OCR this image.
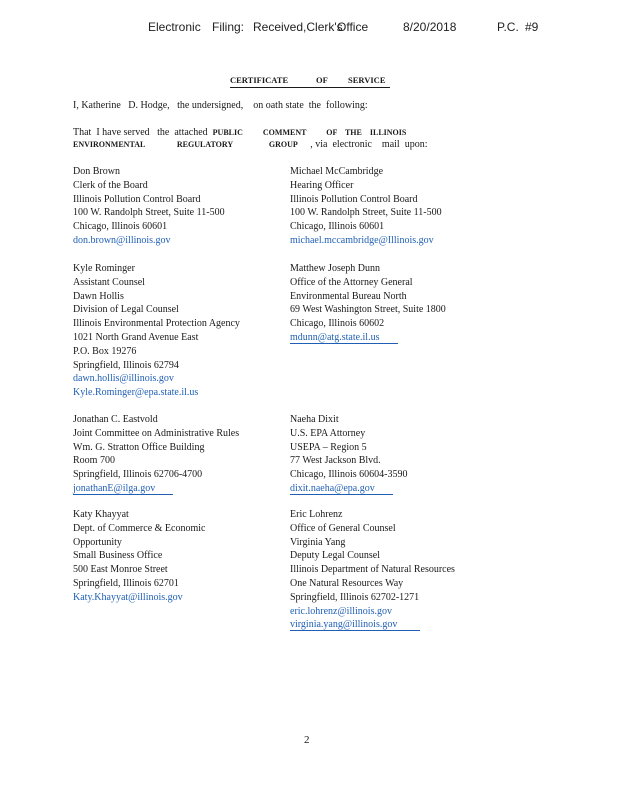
Electronic Filing: Received,Clerk's
Office	8/20/2018	P.C. #9
CERTIFICATE	OF SERVICE
I, Katherine   D. Hodge,   the undersigned,    on oath state  the  following:
That  I have served   the  attached PUBLIC          COMMENT          OF    THE    ILLINOIS
ENVIRONMENTAL                REGULATORY                  GROUP , via  electronic    mail  upon:
Don Brown
Clerk of the Board
Illinois Pollution Control Board
100 W. Randolph Street, Suite 11-500
Chicago, Illinois 60601
don.brown@illinois.gov
Kyle Rominger
Assistant Counsel
Dawn Hollis
Division of Legal Counsel
Illinois Environmental Protection Agency
1021 North Grand Avenue East
P.O. Box 19276
Springfield, Illinois 62794
dawn.hollis@illinois.gov
Kyle.Rominger@epa.state.il.us
Jonathan C. Eastvold
Joint Committee on Administrative Rules
Wm. G. Stratton Office Building
Room 700
Springfield, Illinois 62706-4700
jonathanE@ilga.gov
Katy Khayyat
Dept. of Commerce & Economic
Opportunity
Small Business Office
500 East Monroe Street
Springfield, Illinois 62701
Katy.Khayyat@illinois.gov
Michael McCambridge
Hearing Officer
Illinois Pollution Control Board
100 W. Randolph Street, Suite 11-500
Chicago, Illinois 60601
michael.mccambridge@Illinois.gov
Matthew Joseph Dunn
Office of the Attorney General
Environmental Bureau North
69 West Washington Street, Suite 1800
Chicago, Illinois 60602
mdunn@atg.state.il.us
Naeha Dixit
U.S. EPA Attorney
USEPA – Region 5
77 West Jackson Blvd.
Chicago, Illinois 60604-3590
dixit.naeha@epa.gov
Eric Lohrenz
Office of General Counsel
Virginia Yang
Deputy Legal Counsel
Illinois Department of Natural Resources
One Natural Resources Way
Springfield, Illinois 62702-1271
eric.lohrenz@illinois.gov
virginia.yang@illinois.gov
2
